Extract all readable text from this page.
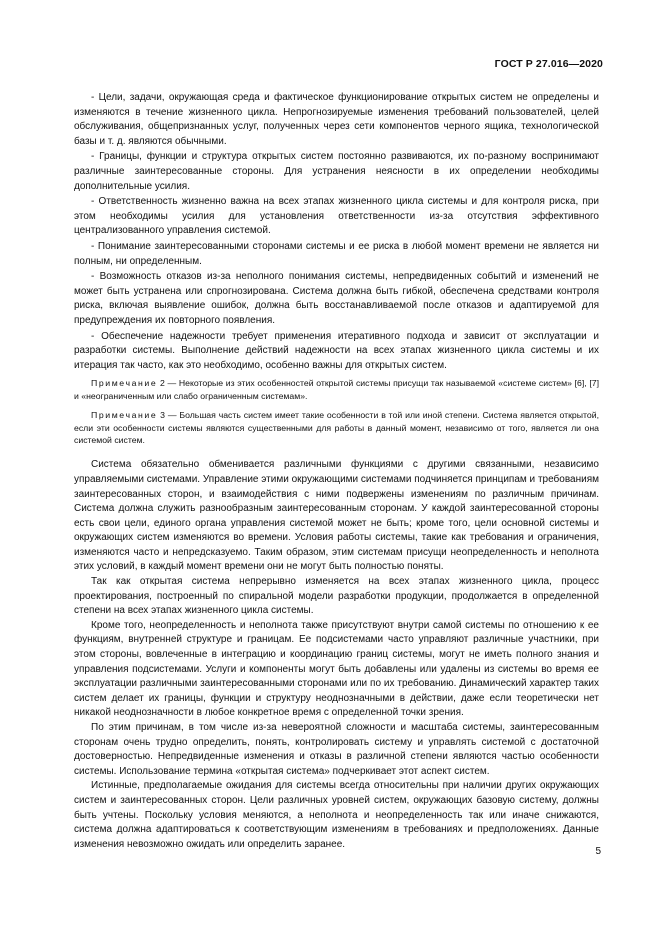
ГОСТ Р 27.016—2020

- Цели, задачи, окружающая среда и фактическое функционирование открытых систем не определены и изменяются в течение жизненного цикла. Непрогнозируемые изменения требований пользователей, целей обслуживания, общепризнанных услуг, полученных через сети компонентов черного ящика, технологической базы и т. д. являются обычными.

- Границы, функции и структура открытых систем постоянно развиваются, их по-разному воспринимают различные заинтересованные стороны. Для устранения неясности в их определении необходимы дополнительные усилия.

- Ответственность жизненно важна на всех этапах жизненного цикла системы и для контроля риска, при этом необходимы усилия для установления ответственности из-за отсутствия эффективного централизованного управления системой.

- Понимание заинтересованными сторонами системы и ее риска в любой момент времени не является ни полным, ни определенным.

- Возможность отказов из-за неполного понимания системы, непредвиденных событий и изменений не может быть устранена или спрогнозирована. Система должна быть гибкой, обеспечена средствами контроля риска, включая выявление ошибок, должна быть восстанавливаемой после отказов и адаптируемой для предупреждения их повторного появления.

- Обеспечение надежности требует применения итеративного подхода и зависит от эксплуатации и разработки системы. Выполнение действий надежности на всех этапах жизненного цикла системы и их итерация так часто, как это необходимо, особенно важны для открытых систем.

Примечание 2 — Некоторые из этих особенностей открытой системы присущи так называемой «системе систем» [6], [7] и «неограниченным или слабо ограниченным системам».

Примечание 3 — Большая часть систем имеет такие особенности в той или иной степени. Система является открытой, если эти особенности системы являются существенными для работы в данный момент, независимо от того, является ли она системой систем.

Система обязательно обменивается различными функциями с другими связанными, независимо управляемыми системами. Управление этими окружающими системами подчиняется принципам и требованиям заинтересованных сторон, и взаимодействия с ними подвержены изменениям по различным причинам. Система должна служить разнообразным заинтересованным сторонам. У каждой заинтересованной стороны есть свои цели, единого органа управления системой может не быть; кроме того, цели основной системы и окружающих систем изменяются во времени. Условия работы системы, такие как требования и ограничения, изменяются часто и непредсказуемо. Таким образом, этим системам присущи неопределенность и неполнота этих условий, в каждый момент времени они не могут быть полностью поняты.

Так как открытая система непрерывно изменяется на всех этапах жизненного цикла, процесс проектирования, построенный по спиральной модели разработки продукции, продолжается в определенной степени на всех этапах жизненного цикла системы.

Кроме того, неопределенность и неполнота также присутствуют внутри самой системы по отношению к ее функциям, внутренней структуре и границам. Ее подсистемами часто управляют различные участники, при этом стороны, вовлеченные в интеграцию и координацию границ системы, могут не иметь полного знания и управления подсистемами. Услуги и компоненты могут быть добавлены или удалены из системы во время ее эксплуатации различными заинтересованными сторонами или по их требованию. Динамический характер таких систем делает их границы, функции и структуру неоднозначными в действии, даже если теоретически нет никакой неоднозначности в любое конкретное время с определенной точки зрения.

По этим причинам, в том числе из-за невероятной сложности и масштаба системы, заинтересованным сторонам очень трудно определить, понять, контролировать систему и управлять системой с достаточной достоверностью. Непредвиденные изменения и отказы в различной степени являются частью особенности системы. Использование термина «открытая система» подчеркивает этот аспект систем.

Истинные, предполагаемые ожидания для системы всегда относительны при наличии других окружающих систем и заинтересованных сторон. Цели различных уровней систем, окружающих базовую систему, должны быть учтены. Поскольку условия меняются, а неполнота и неопределенность так или иначе снижаются, система должна адаптироваться к соответствующим изменениям в требованиях и предположениях. Данные изменения невозможно ожидать или определить заранее.

5
